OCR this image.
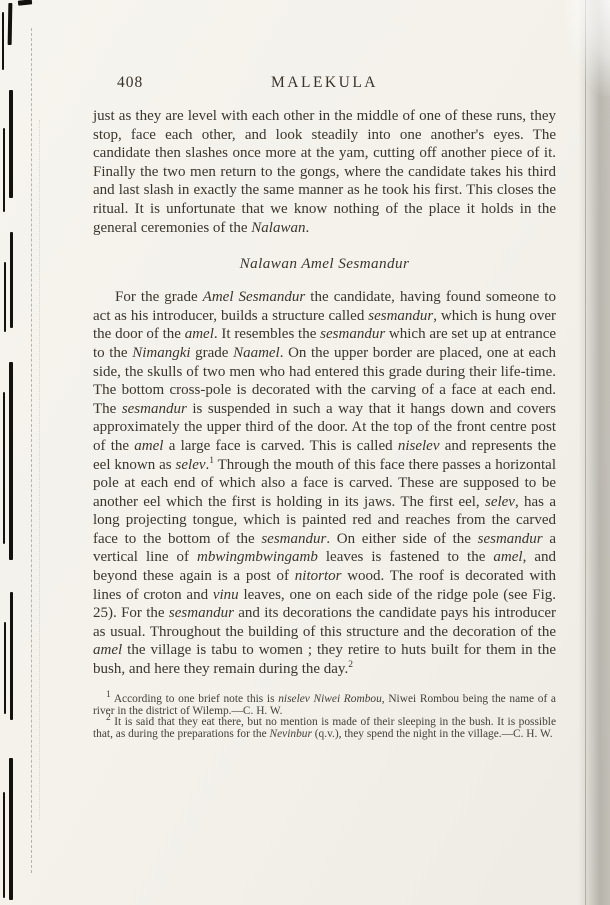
408	MALEKULA

just as they are level with each other in the middle of one of these runs, they stop, face each other, and look steadily into one another's eyes. The candidate then slashes once more at the yam, cutting off another piece of it. Finally the two men return to the gongs, where the candidate takes his third and last slash in exactly the same manner as he took his first. This closes the ritual. It is unfortunate that we know nothing of the place it holds in the general ceremonies of the Nalawan.

Nalawan Amel Sesmandur

For the grade Amel Sesmandur the candidate, having found someone to act as his introducer, builds a structure called sesmandur, which is hung over the door of the amel. It resembles the sesmandur which are set up at entrance to the Nimangki grade Naamel. On the upper border are placed, one at each side, the skulls of two men who had entered this grade during their life-time. The bottom cross-pole is decorated with the carving of a face at each end. The sesmandur is suspended in such a way that it hangs down and covers approximately the upper third of the door. At the top of the front centre post of the amel a large face is carved. This is called niselev and represents the eel known as selev.$^1$ Through the mouth of this face there passes a horizontal pole at each end of which also a face is carved. These are supposed to be another eel which the first is holding in its jaws. The first eel, selev, has a long projecting tongue, which is painted red and reaches from the carved face to the bottom of the sesmandur. On either side of the sesmandur a vertical line of mbwingmbwingamb leaves is fastened to the amel, and beyond these again is a post of nitortor wood. The roof is decorated with lines of croton and vinu leaves, one on each side of the ridge pole (see Fig. 25). For the sesmandur and its decorations the candidate pays his introducer as usual. Throughout the building of this structure and the decoration of the amel the village is tabu to women ; they retire to huts built for them in the bush, and here they remain during the day.$^2$

$^1$ According to one brief note this is niselev Niwei Rombou, Niwei Rombou being the name of a river in the district of Wilemp.—C. H. W.

$^2$ It is said that they eat there, but no mention is made of their sleeping in the bush. It is possible that, as during the preparations for the Nevinbur (q.v.), they spend the night in the village.—C. H. W.
